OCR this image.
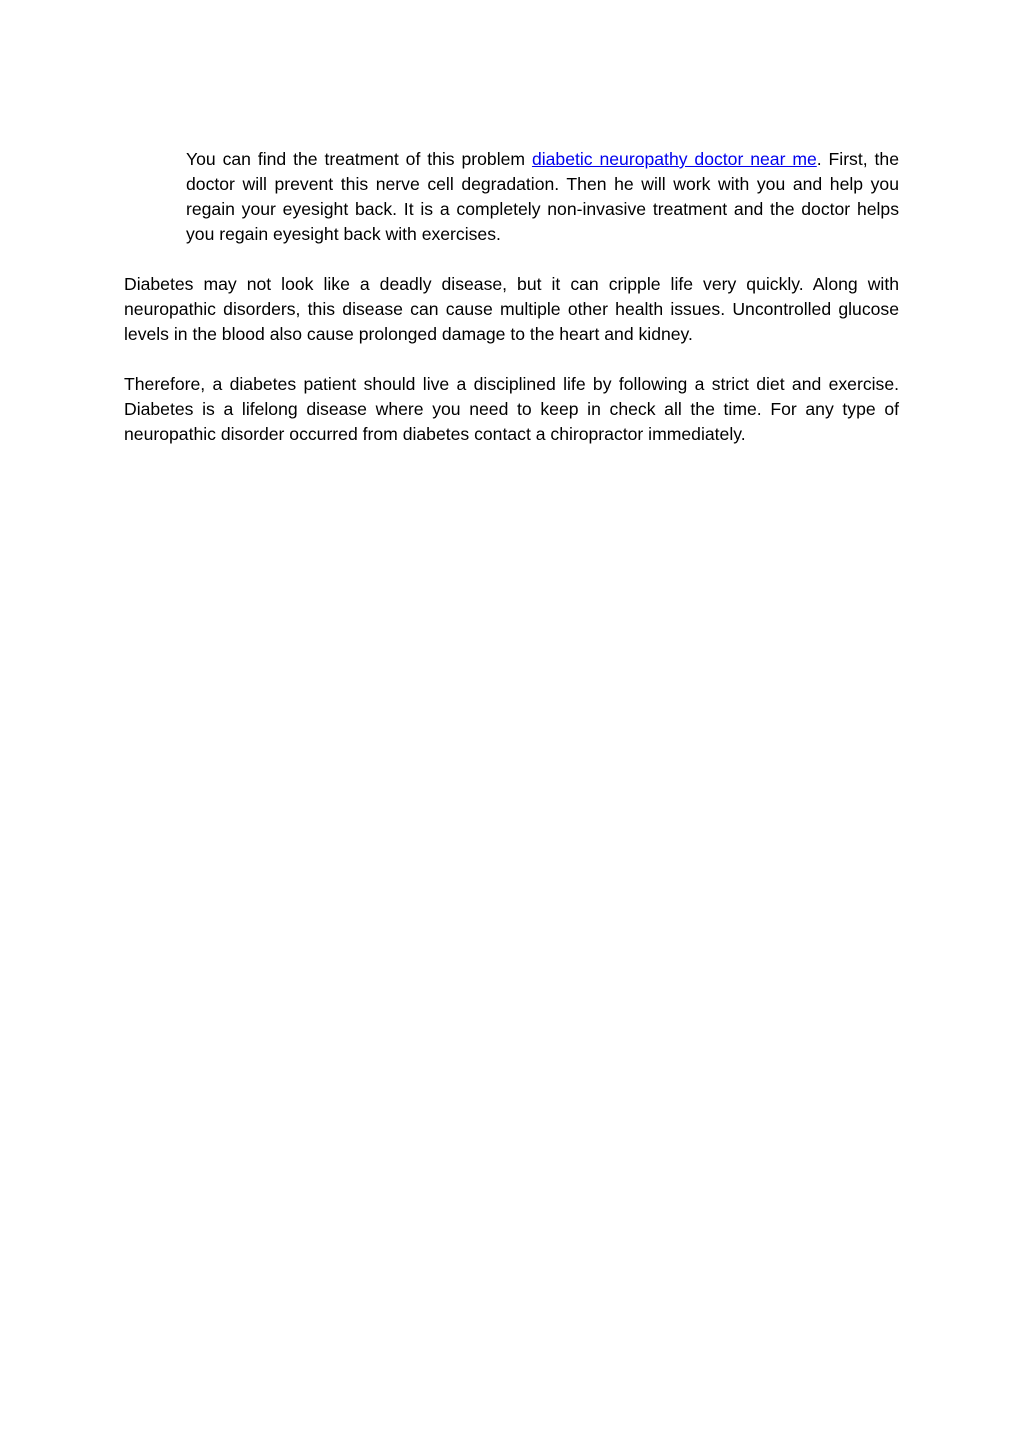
You can find the treatment of this problem diabetic neuropathy doctor near me. First, the doctor will prevent this nerve cell degradation. Then he will work with you and help you regain your eyesight back. It is a completely non-invasive treatment and the doctor helps you regain eyesight back with exercises.

Diabetes may not look like a deadly disease, but it can cripple life very quickly. Along with neuropathic disorders, this disease can cause multiple other health issues. Uncontrolled glucose levels in the blood also cause prolonged damage to the heart and kidney.

Therefore, a diabetes patient should live a disciplined life by following a strict diet and exercise. Diabetes is a lifelong disease where you need to keep in check all the time. For any type of neuropathic disorder occurred from diabetes contact a chiropractor immediately.
